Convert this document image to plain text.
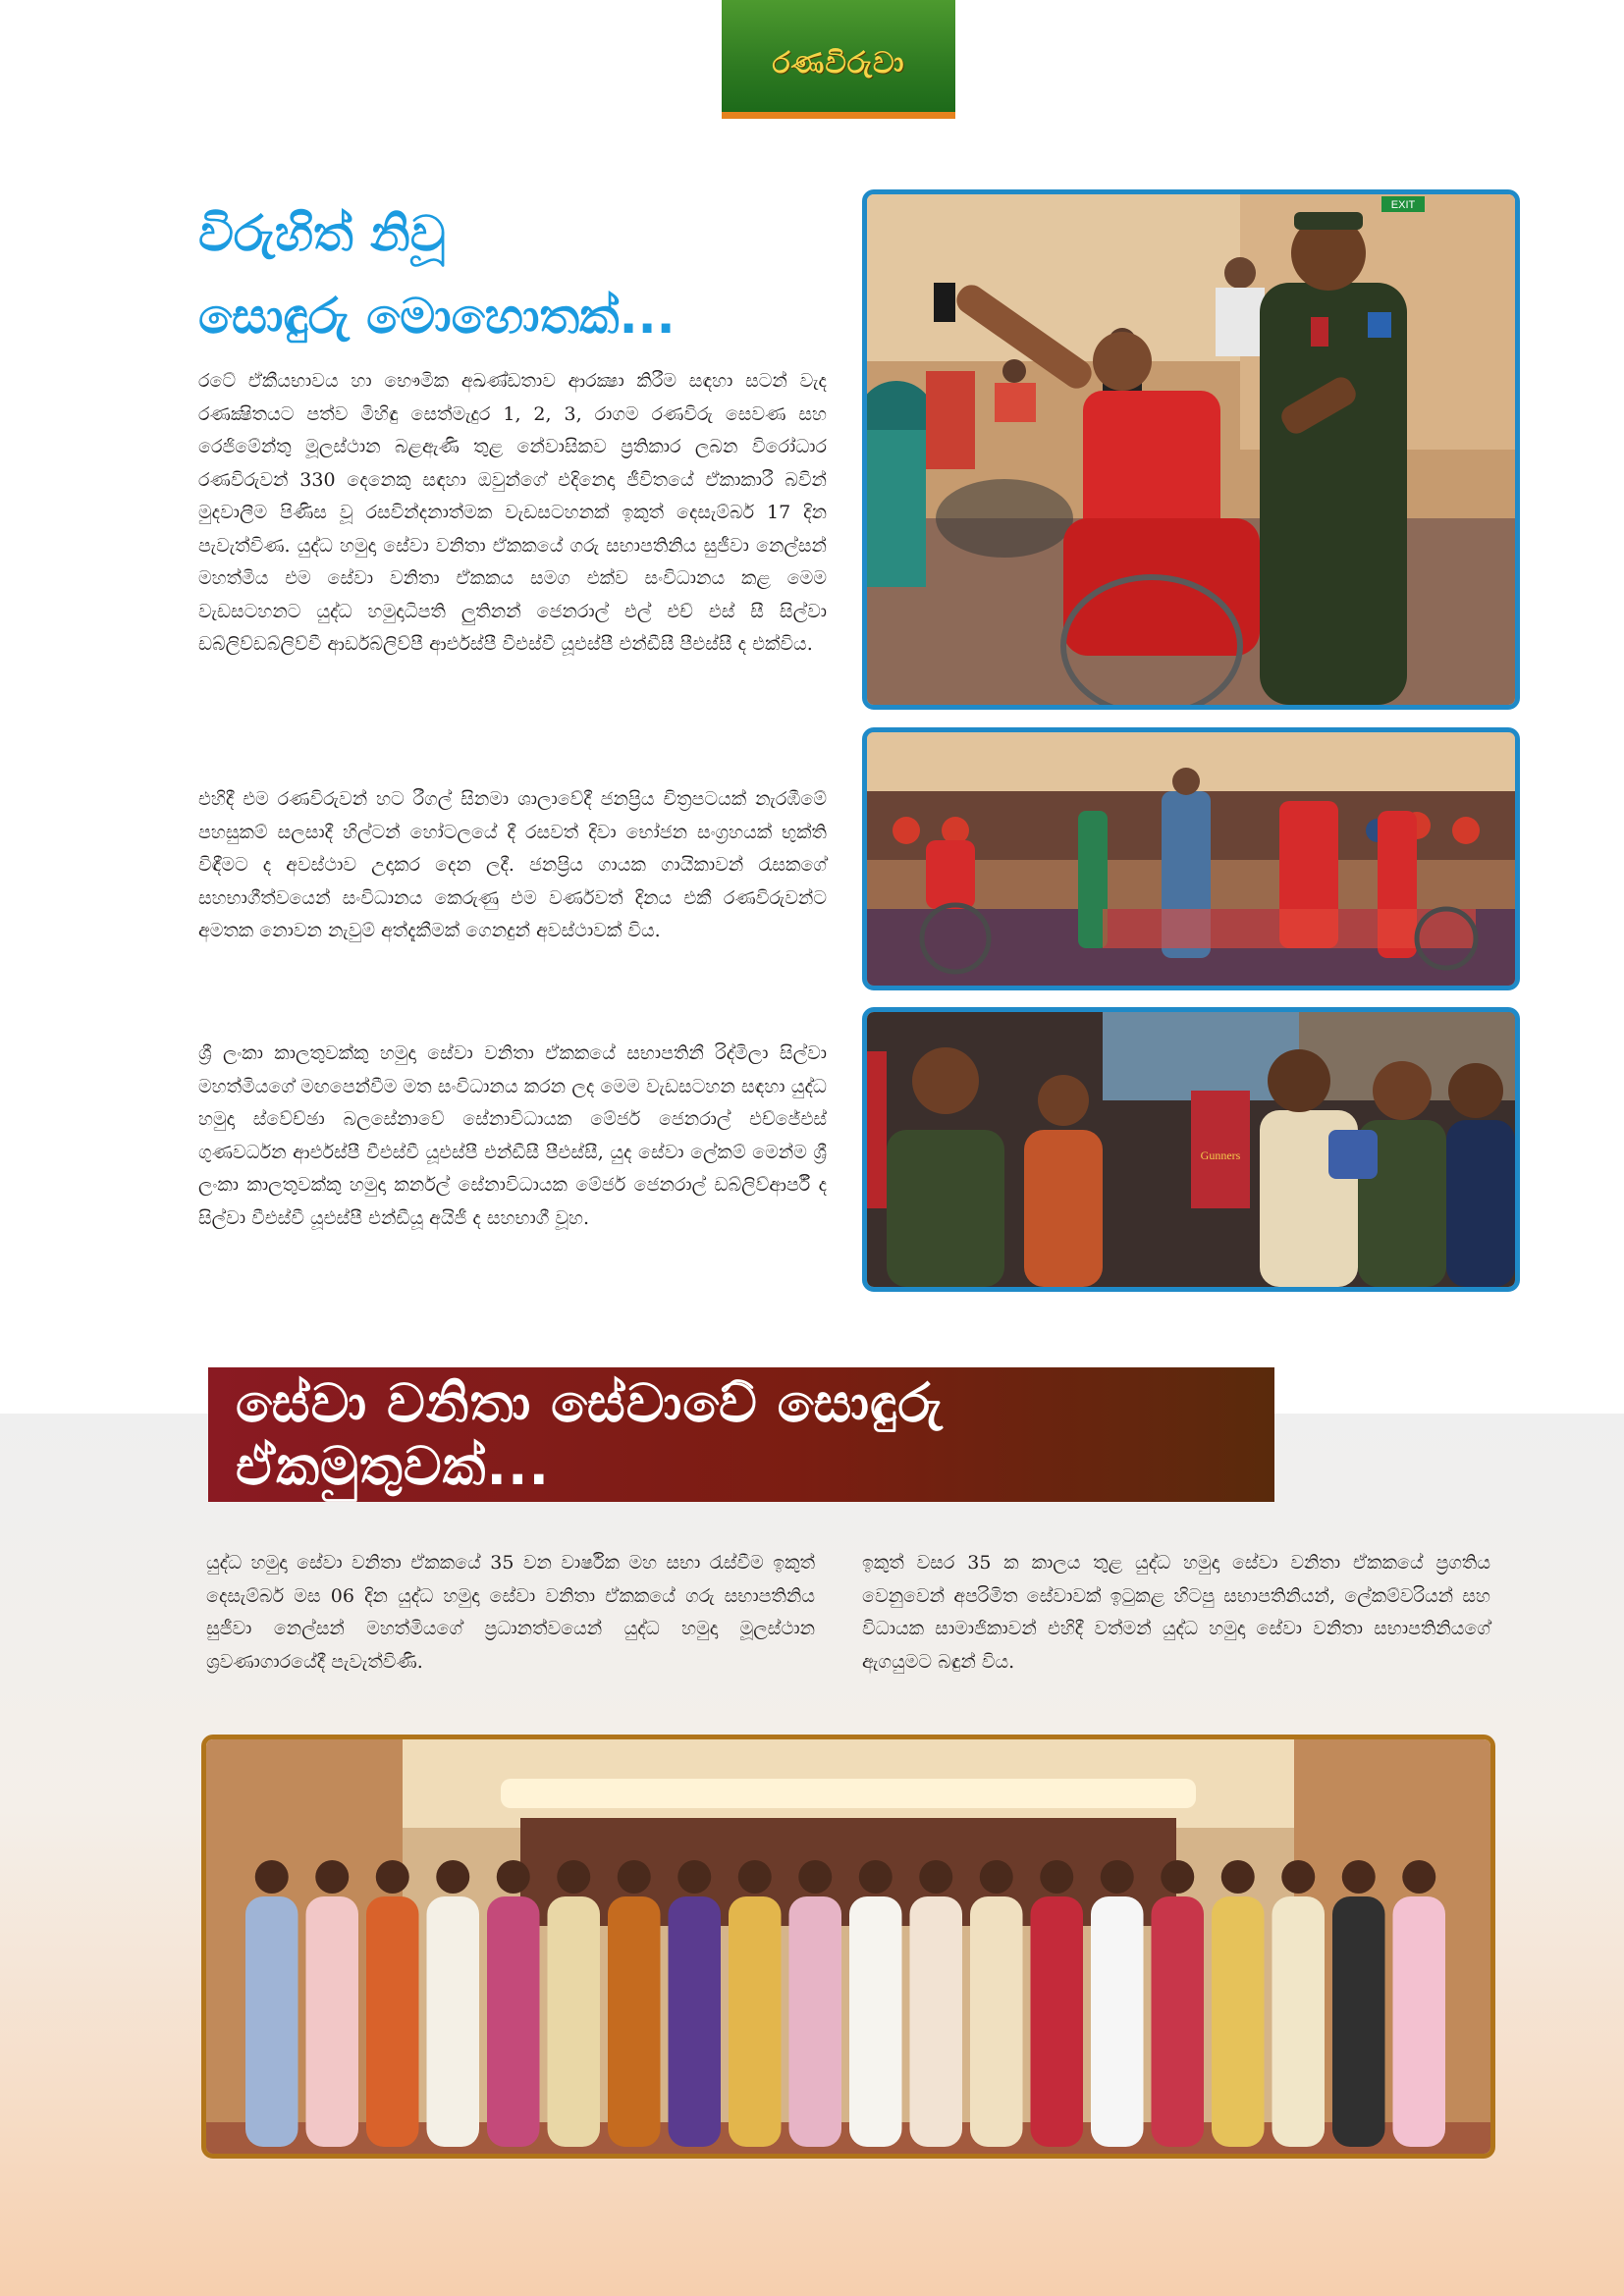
රණවිරුවා
විරුහිත් නිවූ
සොඳුරු මොහොතක්...

රටේ ඒකීයභාවය හා භෞමික අඛණ්ඩතාව ආරක්‍ෂා කිරීම සඳහා සටන් වැද රණක්‍ෂිතයට පත්ව මිහිඳු සෙත්මැදුර 1, 2, 3, රාගම රණවිරු සෙවණ සහ රෙජිමේන්තු මූලස්ථාන බළඇණි තුළ නේවාසිකව ප්‍රතිකාර ලබන විරෝධාර රණවිරුවන් 330 දෙනෙකු සඳහා ඔවුන්ගේ එදිනෙදා ජීවිතයේ ඒකාකාරී බවින් මුදවාලීම පිණිස වූ රසවින්දනාත්මක වැඩසටහනක් ඉකුත් දෙසැම්බර් 17 දින පැවැත්විණ. යුද්ධ හමුදා සේවා වනිතා ඒකකයේ ගරු සභාපතිනිය සුජීවා නෙල්සන් මහත්මිය එම සේවා වනිතා ඒකකය සමග එක්ව සංවිධානය කළ මෙම වැඩසටහනට යුද්ධ හමුදාධිපති ලුතිනන් ජෙනරාල් එල් එච් එස් සී සිල්වා ඩබ්ලිව්ඩබ්ලිව්වී ආර්ඩබ්ලිව්පී ආර්එස්පී වීඑස්වී යූඑස්පී එන්ඩීසී පීඑස්සී ද එක්විය.

එහිදී එම රණවිරුවන් හට රීගල් සිනමා ශාලාවේදී ජනප්‍රිය චිත්‍රපටයක් නැරඹීමේ පහසුකම් සලසාදී හිල්ටන් හෝටලයේ දී රසවත් දිවා භෝජන සංග්‍රහයක් භුක්ති විඳීමට ද අවස්ථාව උදාකර දෙන ලදී. ජනප්‍රිය ගායක ගායිකාවන් රැසකගේ සහභාගීත්වයෙන් සංවිධානය කෙරුණු එම වර්ණවත් දිනය එකී රණවිරුවන්ට අමතක නොවන නැවුම් අත්දැකීමක් ගෙනදුන් අවස්ථාවක් විය.

ශ්‍රී ලංකා කාලතුවක්කු හමුදා සේවා වනිතා ඒකකයේ සභාපතිනී රිද්මිලා සිල්වා මහත්මියගේ මඟපෙන්වීම මත සංවිධානය කරන ලද මෙම වැඩසටහන සඳහා යුද්ධ හමුදා ස්වේච්ඡා බලසේනාවේ සේනාවිධායක මේජර් ජෙනරාල් එච්ජේඑස් ගුණවර්ධන ආර්එස්පී වීඑස්වී යූඑස්පී එන්ඩීසී පීඑස්සී, යුද සේවා ලේකම් මෙන්ම ශ්‍රී ලංකා කාලතුවක්කු හමුදා කර්නල් සේනාවිධායක මේජර් ජෙනරාල් ඩබ්ලිව්ආර්පී ද සිල්වා වීඑස්වී යූඑස්පී එන්ඩීයූ අයිජී ද සහභාගී වූහ.

EXIT
Gunners
සේවා වනිතා සේවාවේ සොඳුරු ඒකමුතුවක්...

යුද්ධ හමුදා සේවා වනිතා ඒකකයේ 35 වන වාර්ෂික මහ සභා රැස්වීම ඉකුත් දෙසැම්බර් මස 06 දින යුද්ධ හමුදා සේවා වනිතා ඒකකයේ ගරු සභාපතිනිය සුජීවා නෙල්සන් මහත්මියගේ ප්‍රධානත්වයෙන් යුද්ධ හමුදා මූලස්ථාන ශ්‍රවණාගාරයේදී පැවැත්විණි.

ඉකුත් වසර 35 ක කාලය තුළ යුද්ධ හමුදා සේවා වනිතා ඒකකයේ ප්‍රගතිය වෙනුවෙන් අපරිමිත සේවාවක් ඉටුකළ හිටපු සභාපතිනියන්, ලේකම්වරියන් සහ විධායක සාමාජිකාවන් එහිදී වත්මන් යුද්ධ හමුදා සේවා වනිතා සභාපතිනියගේ ඇගයුමට බඳුන් විය.
